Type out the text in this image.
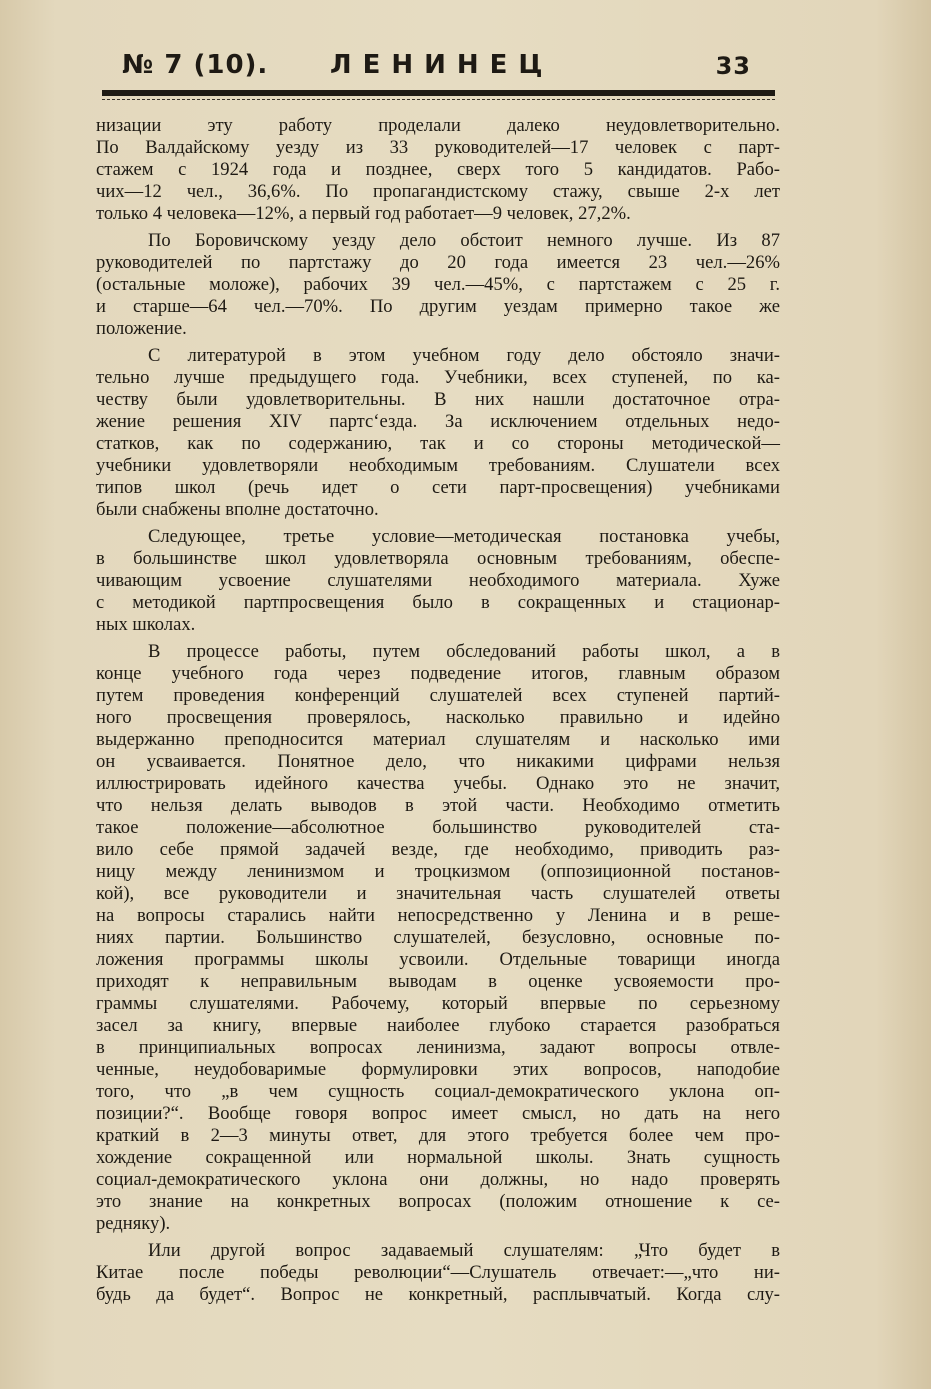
№ 7 (10). ЛЕНИНЕЦ	33
низации эту работу проделали далеко неудовлетворительно.
По Валдайскому уезду из 33 руководителей—17 человек с парт-
стажем с 1924 года и позднее, сверх того 5 кандидатов. Рабо-
чих—12 чел., 36,6%. По пропагандистскому стажу, свыше 2-х лет
только 4 человека—12%, а первый год работает—9 человек, 27,2%.
По Боровичскому уезду дело обстоит немного лучше. Из 87
руководителей по партстажу до 20 года имеется 23 чел.—26%
(остальные моложе), рабочих 39 чел.—45%, с партстажем с 25 г.
и старше—64 чел.—70%. По другим уездам примерно такое же
положение.
С литературой в этом учебном году дело обстояло значи-
тельно лучше предыдущего года. Учебники, всех ступеней, по ка-
честву были удовлетворительны. В них нашли достаточное отра-
жение решения XIV партс‘езда. За исключением отдельных недо-
статков, как по содержанию, так и со стороны методической—
учебники удовлетворяли необходимым требованиям. Слушатели всех
типов школ (речь идет о сети парт-просвещения) учебниками
были снабжены вполне достаточно.
Следующее, третье условие—методическая постановка учебы,
в большинстве школ удовлетворяла основным требованиям, обеспе-
чивающим усвоение слушателями необходимого материала. Хуже
с методикой партпросвещения было в сокращенных и стационар-
ных школах.
В процессе работы, путем обследований работы школ, а в
конце учебного года через подведение итогов, главным образом
путем проведения конференций слушателей всех ступеней партий-
ного просвещения проверялось, насколько правильно и идейно
выдержанно преподносится материал слушателям и насколько ими
он усваивается. Понятное дело, что никакими цифрами нельзя
иллюстрировать идейного качества учебы. Однако это не значит,
что нельзя делать выводов в этой части. Необходимо отметить
такое положение—абсолютное большинство руководителей ста-
вило себе прямой задачей везде, где необходимо, приводить раз-
ницу между ленинизмом и троцкизмом (оппозиционной постанов-
кой), все руководители и значительная часть слушателей ответы
на вопросы старались найти непосредственно у Ленина и в реше-
ниях партии. Большинство слушателей, безусловно, основные по-
ложения программы школы усвоили. Отдельные товарищи иногда
приходят к неправильным выводам в оценке усвояемости про-
граммы слушателями. Рабочему, который впервые по серьезному
засел за книгу, впервые наиболее глубоко старается разобраться
в принципиальных вопросах ленинизма, задают вопросы отвле-
ченные, неудобоваримые формулировки этих вопросов, наподобие
того, что „в чем сущность социал-демократического уклона оп-
позиции?“. Вообще говоря вопрос имеет смысл, но дать на него
краткий в 2—3 минуты ответ, для этого требуется более чем про-
хождение сокращенной или нормальной школы. Знать сущность
социал-демократического уклона они должны, но надо проверять
это знание на конкретных вопросах (положим отношение к се-
редняку).
Или другой вопрос задаваемый слушателям: „Что будет в
Китае после победы революции“—Слушатель отвечает:—„что ни-
будь да будет“. Вопрос не конкретный, расплывчатый. Когда слу-
